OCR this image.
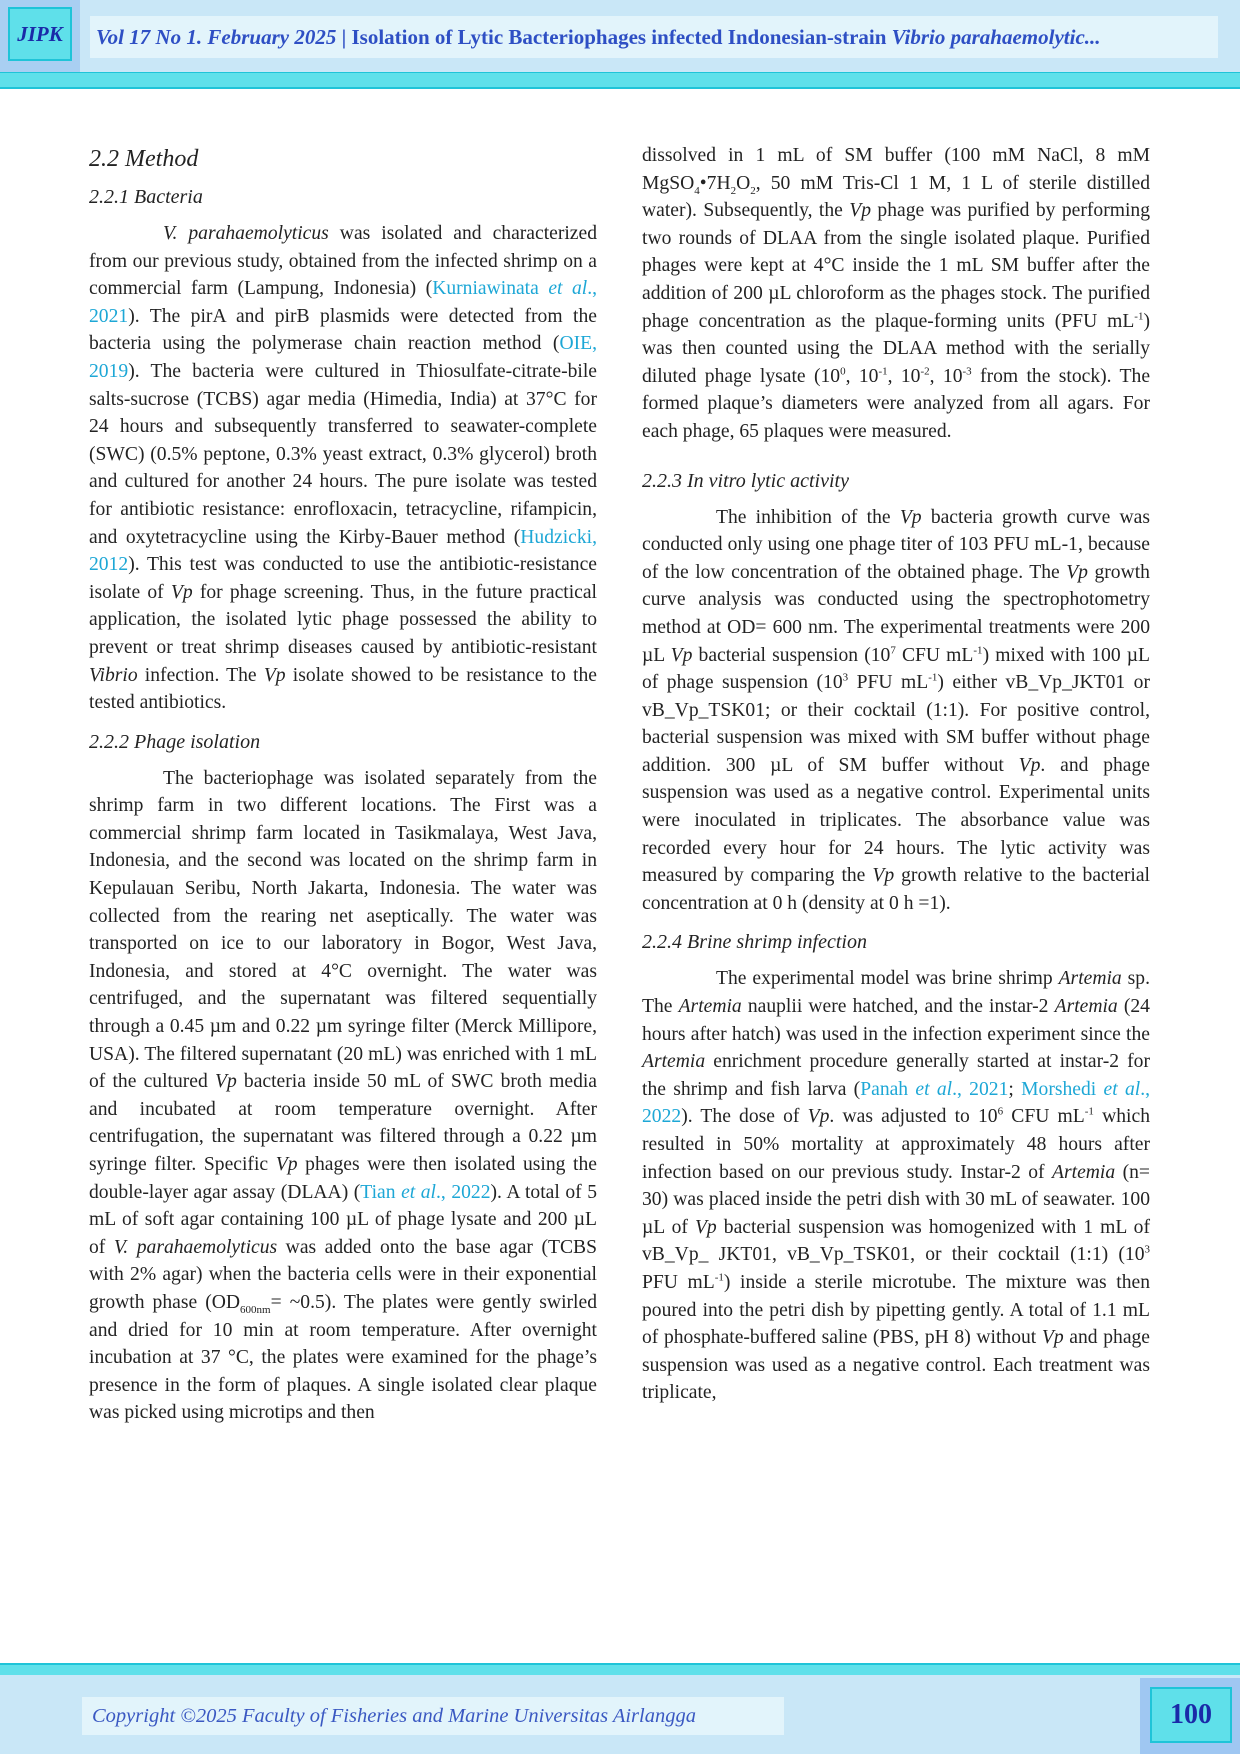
JIPK	Vol 17 No 1. February 2025 | Isolation of Lytic Bacteriophages infected Indonesian-strain Vibrio parahaemolytic...
2.2 Method
2.2.1 Bacteria

V. parahaemolyticus was isolated and characterized from our previous study, obtained from the infected shrimp on a commercial farm (Lampung, Indonesia) (Kurniawinata et al., 2021). The pirA and pirB plasmids were detected from the bacteria using the polymerase chain reaction method (OIE, 2019). The bacteria were cultured in Thiosulfate-citrate-bile salts-sucrose (TCBS) agar media (Himedia, India) at 37°C for 24 hours and subsequently transferred to seawater-complete (SWC) (0.5% peptone, 0.3% yeast extract, 0.3% glycerol) broth and cultured for another 24 hours. The pure isolate was tested for antibiotic resistance: enrofloxacin, tetracycline, rifampicin, and oxytetracycline using the Kirby-Bauer method (Hudzicki, 2012). This test was conducted to use the antibiotic-resistance isolate of Vp for phage screening. Thus, in the future practical application, the isolated lytic phage possessed the ability to prevent or treat shrimp diseases caused by antibiotic-resistant Vibrio infection. The Vp isolate showed to be resistance to the tested antibiotics.

2.2.2 Phage isolation

The bacteriophage was isolated separately from the shrimp farm in two different locations. The First was a commercial shrimp farm located in Tasikmalaya, West Java, Indonesia, and the second was located on the shrimp farm in Kepulauan Seribu, North Jakarta, Indonesia. The water was collected from the rearing net aseptically. The water was transported on ice to our laboratory in Bogor, West Java, Indonesia, and stored at 4°C overnight. The water was centrifuged, and the supernatant was filtered sequentially through a 0.45 µm and 0.22 µm syringe filter (Merck Millipore, USA). The filtered supernatant (20 mL) was enriched with 1 mL of the cultured Vp bacteria inside 50 mL of SWC broth media and incubated at room temperature overnight. After centrifugation, the supernatant was filtered through a 0.22 µm syringe filter. Specific Vp phages were then isolated using the double-layer agar assay (DLAA) (Tian et al., 2022). A total of 5 mL of soft agar containing 100 µL of phage lysate and 200 µL of V. parahaemolyticus was added onto the base agar (TCBS with 2% agar) when the bacteria cells were in their exponential growth phase ($OD_{600nm}=$ ~0.5). The plates were gently swirled and dried for 10 min at room temperature. After overnight incubation at 37 °C, the plates were examined for the phage’s presence in the form of plaques. A single isolated clear plaque was picked using microtips and then

dissolved in 1 mL of SM buffer (100 mM NaCl, 8 mM $MgSO_4•7H_2O_2$, 50 mM Tris-Cl 1 M, 1 L of sterile distilled water). Subsequently, the Vp phage was purified by performing two rounds of DLAA from the single isolated plaque. Purified phages were kept at 4°C inside the 1 mL SM buffer after the addition of 200 µL chloroform as the phages stock. The purified phage concentration as the plaque-forming units (PFU $mL^{-1}$) was then counted using the DLAA method with the serially diluted phage lysate ($10^0$, $10^{-1}$, $10^{-2}$, $10^{-3}$ from the stock). The formed plaque’s diameters were analyzed from all agars. For each phage, 65 plaques were measured.

2.2.3 In vitro lytic activity

The inhibition of the Vp bacteria growth curve was conducted only using one phage titer of 103 PFU mL-1, because of the low concentration of the obtained phage. The Vp growth curve analysis was conducted using the spectrophotometry method at OD= 600 nm. The experimental treatments were 200 µL Vp bacterial suspension ($10^7$ CFU $mL^{-1}$) mixed with 100 µL of phage suspension ($10^3$ PFU $mL^{-1}$) either vB_Vp_JKT01 or vB_Vp_TSK01; or their cocktail (1:1). For positive control, bacterial suspension was mixed with SM buffer without phage addition. 300 µL of SM buffer without Vp. and phage suspension was used as a negative control. Experimental units were inoculated in triplicates. The absorbance value was recorded every hour for 24 hours. The lytic activity was measured by comparing the Vp growth relative to the bacterial concentration at 0 h (density at 0 h =1).

2.2.4 Brine shrimp infection

The experimental model was brine shrimp Artemia sp. The Artemia nauplii were hatched, and the instar-2 Artemia (24 hours after hatch) was used in the infection experiment since the Artemia enrichment procedure generally started at instar-2 for the shrimp and fish larva (Panah et al., 2021; Morshedi et al., 2022). The dose of Vp. was adjusted to $10^6$ CFU $mL^{-1}$ which resulted in 50% mortality at approximately 48 hours after infection based on our previous study. Instar-2 of Artemia (n= 30) was placed inside the petri dish with 30 mL of seawater. 100 µL of Vp bacterial suspension was homogenized with 1 mL of vB_Vp_ JKT01, vB_Vp_TSK01, or their cocktail (1:1) ($10^3$ PFU $mL^{-1}$) inside a sterile microtube. The mixture was then poured into the petri dish by pipetting gently. A total of 1.1 mL of phosphate-buffered saline (PBS, pH 8) without Vp and phage suspension was used as a negative control. Each treatment was triplicate,

Copyright ©2025 Faculty of Fisheries and Marine Universitas Airlangga	100
